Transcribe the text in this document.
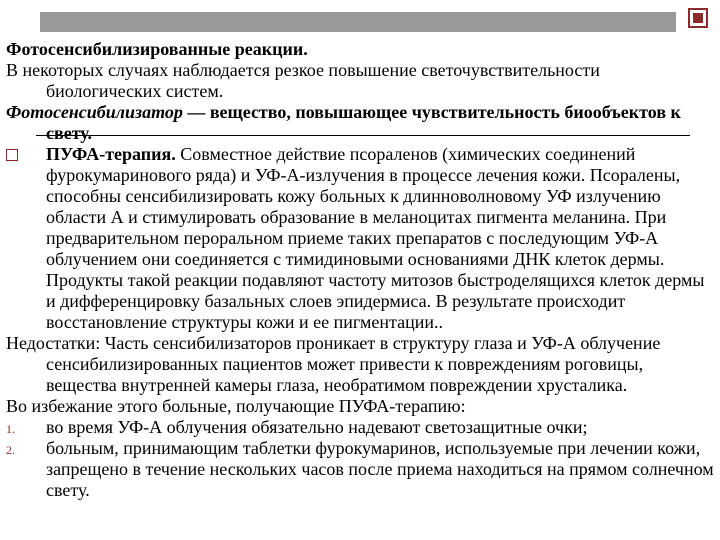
Фотосенсибилизированные реакции.

В некоторых случаях наблюдается резкое повышение светочувствительности биологических систем.

Фотосенсибилизатор — вещество, повышающее чувствительность биообъектов к свету.

ПУФА-терапия. Совместное действие псораленов (химических соединений фурокумаринового ряда) и УФ-А-излучения в процессе лечения кожи. Псоралены, способны сенсибилизировать кожу больных к длинноволновому УФ излучению области А и стимулировать образование в меланоцитах пигмента меланина. При предварительном пероральном приеме таких препаратов с последующим УФ-А облучением они соединяется с тимидиновыми основаниями ДНК клеток дермы. Продукты такой реакции подавляют частоту митозов быстроделящихся клеток дермы и дифференцировку базальных слоев эпидермиса. В результате происходит восстановление структуры кожи и ее пигментации..

Недостатки: Часть сенсибилизаторов проникает в структуру глаза и УФ-А облучение сенсибилизированных пациентов может привести к повреждениям роговицы, вещества внутренней камеры глаза, необратимом повреждении хрусталика.

Во избежание этого больные, получающие ПУФА-терапию:

1. во время УФ-А облучения обязательно надевают светозащитные очки;
2. больным, принимающим таблетки фурокумаринов, используемые при лечении кожи, запрещено в течение нескольких часов после приема находиться на прямом солнечном свету.
